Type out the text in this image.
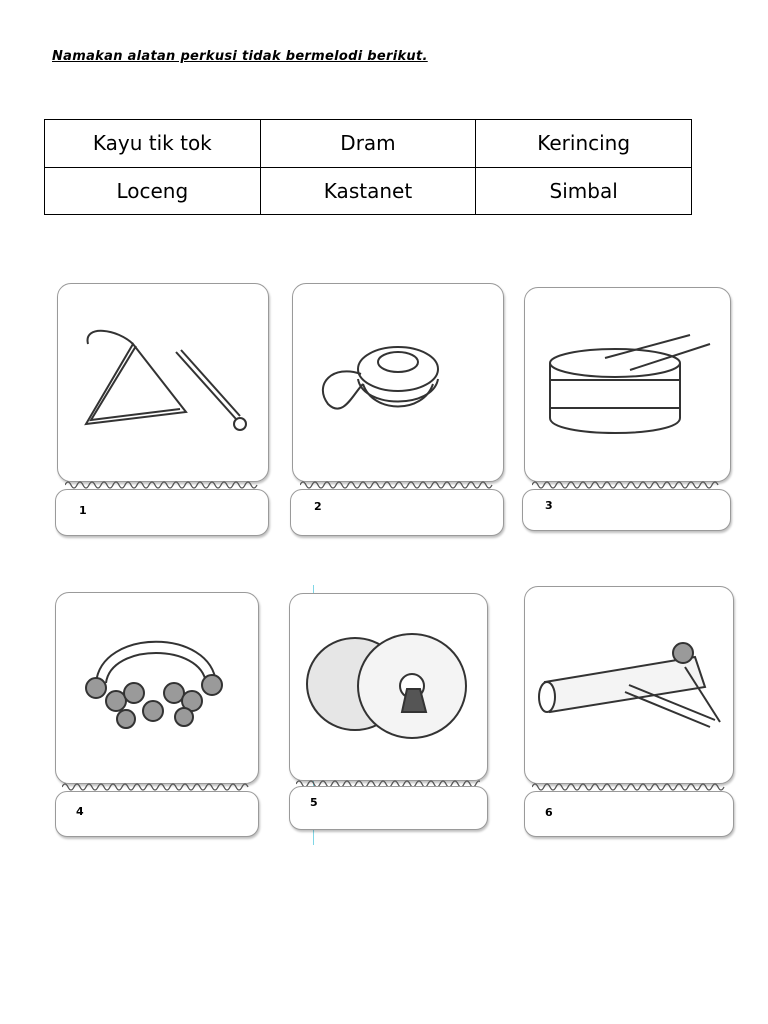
Namakan alatan perkusi tidak bermelodi berikut.
Kayu tik tok	Dram	Kerincing
Loceng	Kastanet	Simbal
1	2	3
4
5
6
